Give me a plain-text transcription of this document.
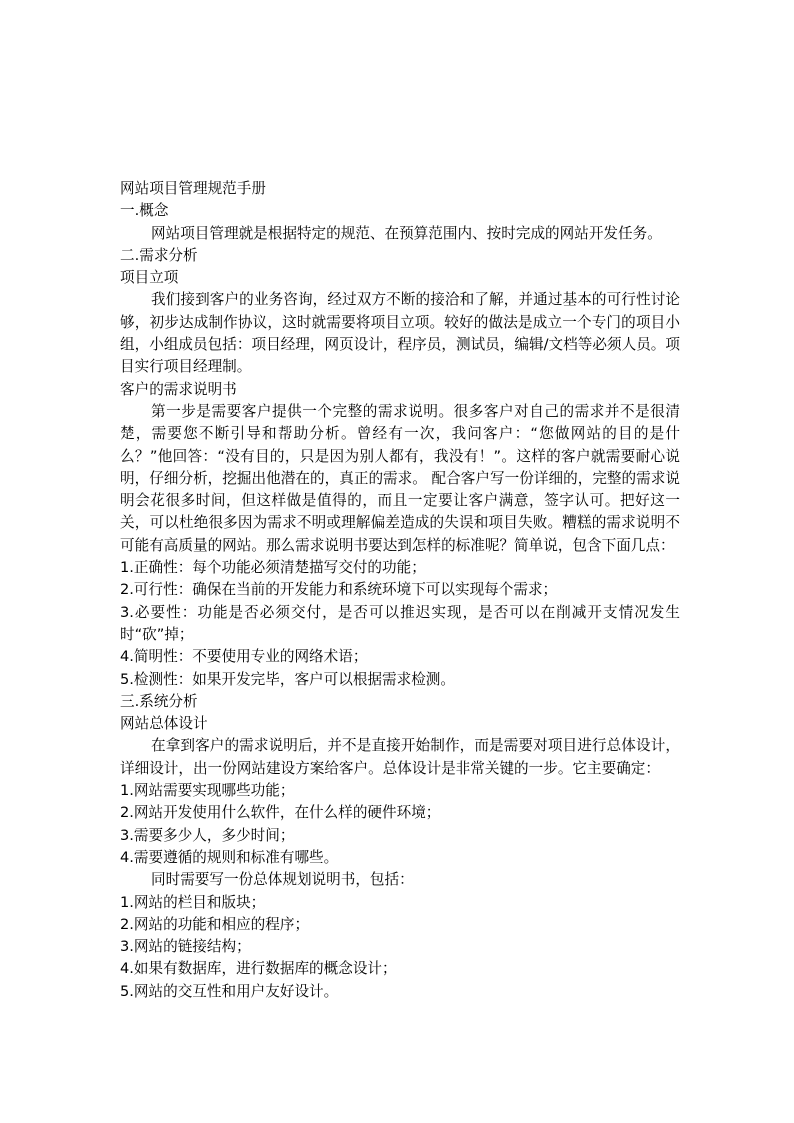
网站项目管理规范手册

一.概念

网站项目管理就是根据特定的规范、在预算范围内、按时完成的网站开发任务。

二.需求分析

项目立项

我们接到客户的业务咨询，经过双方不断的接洽和了解，并通过基本的可行性讨论够，初步达成制作协议，这时就需要将项目立项。较好的做法是成立一个专门的项目小组，小组成员包括：项目经理，网页设计，程序员，测试员，编辑/文档等必须人员。项目实行项目经理制。

客户的需求说明书

第一步是需要客户提供一个完整的需求说明。很多客户对自己的需求并不是很清楚，需要您不断引导和帮助分析。曾经有一次，我问客户：“您做网站的目的是什么？”他回答：“没有目的，只是因为别人都有，我没有！”。这样的客户就需要耐心说明，仔细分析，挖掘出他潜在的，真正的需求。 配合客户写一份详细的，完整的需求说明会花很多时间，但这样做是值得的，而且一定要让客户满意，签字认可。把好这一关，可以杜绝很多因为需求不明或理解偏差造成的失误和项目失败。糟糕的需求说明不可能有高质量的网站。那么需求说明书要达到怎样的标准呢？简单说，包含下面几点：

1.正确性：每个功能必须清楚描写交付的功能；

2.可行性：确保在当前的开发能力和系统环境下可以实现每个需求；

3.必要性：功能是否必须交付，是否可以推迟实现，是否可以在削减开支情况发生时“砍”掉；

4.简明性：不要使用专业的网络术语；

5.检测性：如果开发完毕，客户可以根据需求检测。

三.系统分析

网站总体设计

在拿到客户的需求说明后，并不是直接开始制作，而是需要对项目进行总体设计，详细设计，出一份网站建设方案给客户。总体设计是非常关键的一步。它主要确定：

1.网站需要实现哪些功能；

2.网站开发使用什么软件，在什么样的硬件环境；

3.需要多少人，多少时间；

4.需要遵循的规则和标准有哪些。

同时需要写一份总体规划说明书，包括：

1.网站的栏目和版块；

2.网站的功能和相应的程序；

3.网站的链接结构；

4.如果有数据库，进行数据库的概念设计；

5.网站的交互性和用户友好设计。
